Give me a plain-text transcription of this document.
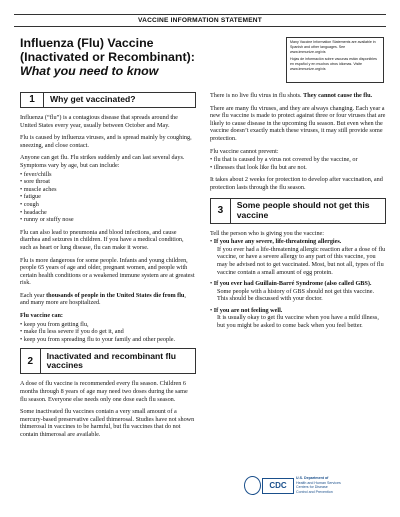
VACCINE INFORMATION STATEMENT
Influenza (Flu) Vaccine
(Inactivated or Recombinant):
What you need to know

Many Vaccine Information Statements are available in Spanish and other languages. See www.immunize.org/vis

Hojas de información sobre vacunas están disponibles en español y en muchos otros idiomas. Visite www.immunize.org/vis

1	Why get vaccinated?

Influenza (“flu”) is a contagious disease that spreads around the United States every year, usually between October and May.

Flu is caused by influenza viruses, and is spread mainly by coughing, sneezing, and close contact.

Anyone can get flu. Flu strikes suddenly and can last several days. Symptoms vary by age, but can include:

• fever/chills
• sore throat
• muscle aches
• fatigue
• cough
• headache
• runny or stuffy nose

Flu can also lead to pneumonia and blood infections, and cause diarrhea and seizures in children. If you have a medical condition, such as heart or lung disease, flu can make it worse.

Flu is more dangerous for some people. Infants and young children, people 65 years of age and older, pregnant women, and people with certain health conditions or a weakened immune system are at greatest risk.

Each year thousands of people in the United States die from flu, and many more are hospitalized.

Flu vaccine can:

• keep you from getting flu,
• make flu less severe if you do get it, and
• keep you from spreading flu to your family and other people.
2	Inactivated and recombinant flu vaccines

A dose of flu vaccine is recommended every flu season. Children 6 months through 8 years of age may need two doses during the same flu season. Everyone else needs only one dose each flu season.

Some inactivated flu vaccines contain a very small amount of a mercury-based preservative called thimerosal. Studies have not shown thimerosal in vaccines to be harmful, but flu vaccines that do not contain thimerosal are available.

There is no live flu virus in flu shots. They cannot cause the flu.

There are many flu viruses, and they are always changing. Each year a new flu vaccine is made to protect against three or four viruses that are likely to cause disease in the upcoming flu season. But even when the vaccine doesn’t exactly match these viruses, it may still provide some protection.

Flu vaccine cannot prevent:

• flu that is caused by a virus not covered by the vaccine, or
• illnesses that look like flu but are not.

It takes about 2 weeks for protection to develop after vaccination, and protection lasts through the flu season.

3	Some people should not get this vaccine

Tell the person who is giving you the vaccine:

• If you have any severe, life-threatening allergies.
If you ever had a life-threatening allergic reaction after a dose of flu vaccine, or have a severe allergy to any part of this vaccine, you may be advised not to get vaccinated. Most, but not all, types of flu vaccine contain a small amount of egg protein.
• If you ever had Guillain-Barré Syndrome (also called GBS).
Some people with a history of GBS should not get this vaccine. This should be discussed with your doctor.
• If you are not feeling well.
It is usually okay to get flu vaccine when you have a mild illness, but you might be asked to come back when you feel better.
CDC
U.S. Department of
Health and Human Services
Centers for Disease
Control and Prevention
